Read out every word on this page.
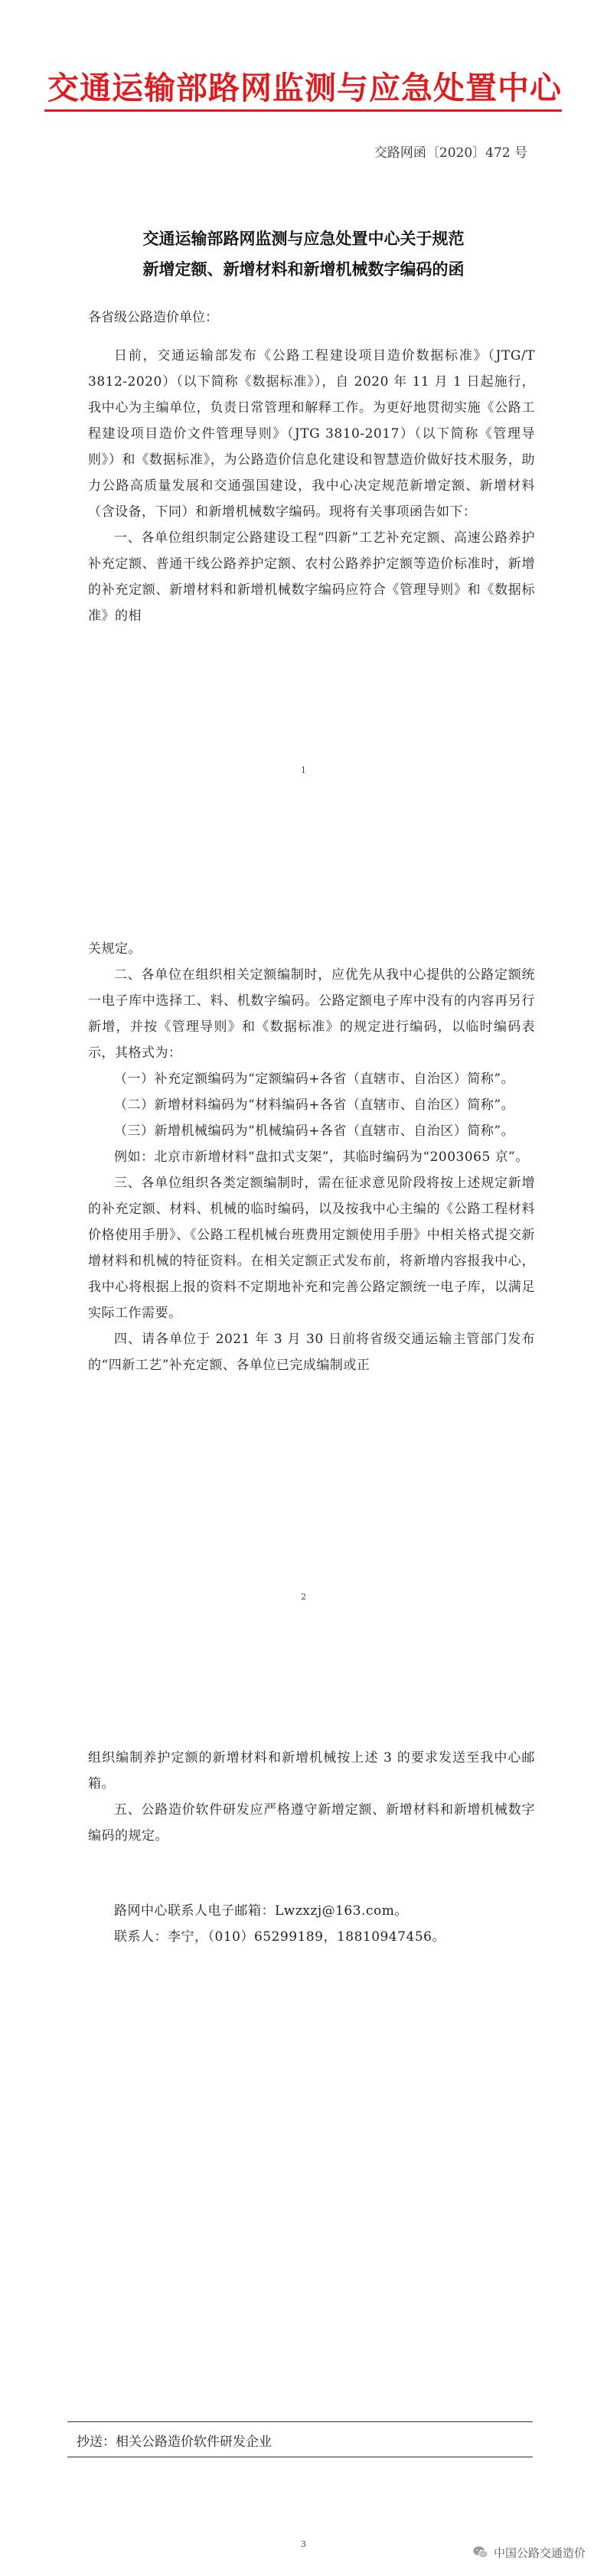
交通运输部路网监测与应急处置中心
交路网函〔2020〕472 号
交通运输部路网监测与应急处置中心关于规范
新增定额、新增材料和新增机械数字编码的函
各省级公路造价单位：

日前，交通运输部发布《公路工程建设项目造价数据标准》（JTG/T 3812-2020）（以下简称《数据标准》），自 2020 年 11 月 1 日起施行，我中心为主编单位，负责日常管理和解释工作。为更好地贯彻实施《公路工程建设项目造价文件管理导则》（JTG 3810-2017）（以下简称《管理导则》）和《数据标准》，为公路造价信息化建设和智慧造价做好技术服务，助力公路高质量发展和交通强国建设，我中心决定规范新增定额、新增材料（含设备，下同）和新增机械数字编码。现将有关事项函告如下：

一、各单位组织制定公路建设工程“四新”工艺补充定额、高速公路养护补充定额、普通干线公路养护定额、农村公路养护定额等造价标准时，新增的补充定额、新增材料和新增机械数字编码应符合《管理导则》和《数据标准》的相

1

关规定。

二、各单位在组织相关定额编制时，应优先从我中心提供的公路定额统一电子库中选择工、料、机数字编码。公路定额电子库中没有的内容再另行新增，并按《管理导则》和《数据标准》的规定进行编码，以临时编码表示，其格式为：

（一）补充定额编码为“定额编码+各省（直辖市、自治区）简称”。

（二）新增材料编码为“材料编码+各省（直辖市、自治区）简称”。

（三）新增机械编码为“机械编码+各省（直辖市、自治区）简称”。

例如：北京市新增材料“盘扣式支架”，其临时编码为“2003065 京”。

三、各单位组织各类定额编制时，需在征求意见阶段将按上述规定新增的补充定额、材料、机械的临时编码，以及按我中心主编的《公路工程材料价格使用手册》、《公路工程机械台班费用定额使用手册》中相关格式提交新增材料和机械的特征资料。在相关定额正式发布前，将新增内容报我中心，我中心将根据上报的资料不定期地补充和完善公路定额统一电子库，以满足实际工作需要。

四、请各单位于 2021 年 3 月 30 日前将省级交通运输主管部门发布的“四新工艺”补充定额、各单位已完成编制或正

2

组织编制养护定额的新增材料和新增机械按上述 3 的要求发送至我中心邮箱。

五、公路造价软件研发应严格遵守新增定额、新增材料和新增机械数字编码的规定。

路网中心联系人电子邮箱：Lwzxzj@163.com。

联系人：李宁，（010）65299189，18810947456。

抄送：相关公路造价软件研发企业
3
中国公路交通造价
